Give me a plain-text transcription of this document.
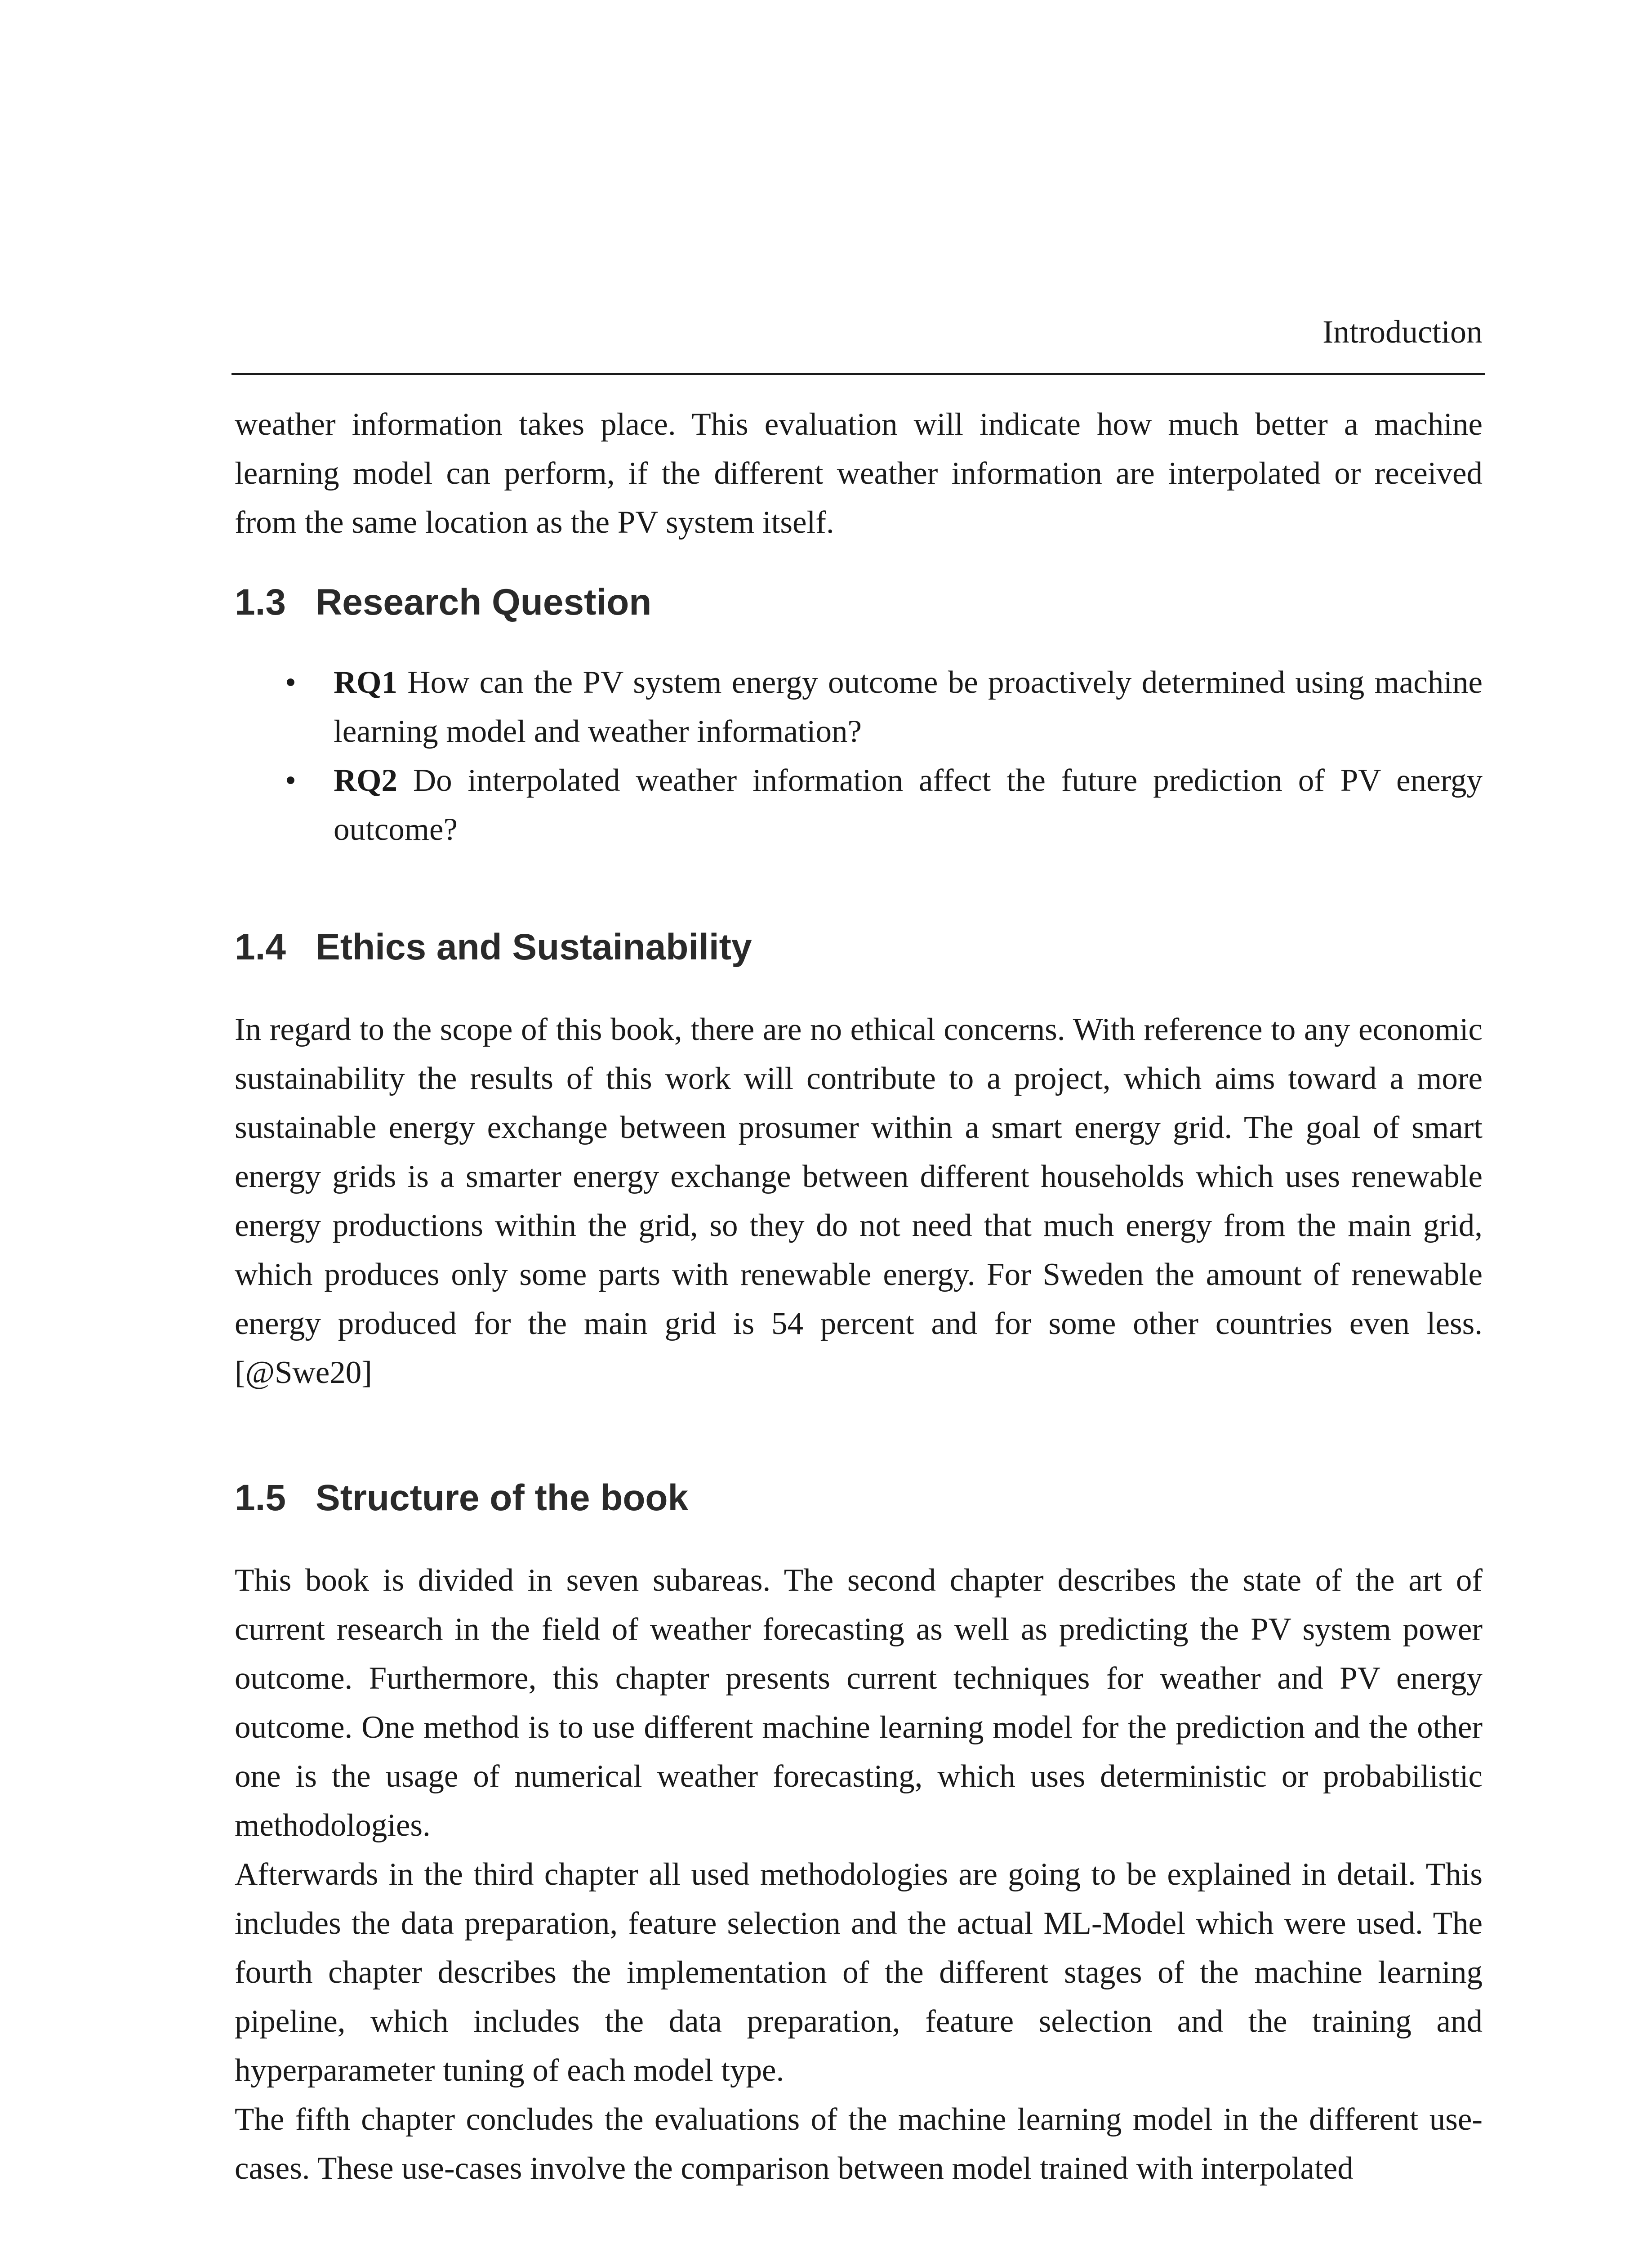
Introduction

weather information takes place. This evaluation will indicate how much better a machine learning model can perform, if the different weather information are interpolated or received from the same location as the PV system itself.

1.3 Research Question
• RQ1 How can the PV system energy outcome be proactively determined using machine learning model and weather information?
• RQ2 Do interpolated weather information affect the future prediction of PV energy outcome?
1.4 Ethics and Sustainability

In regard to the scope of this book, there are no ethical concerns. With reference to any economic sustainability the results of this work will contribute to a project, which aims toward a more sustainable energy exchange between prosumer within a smart energy grid. The goal of smart energy grids is a smarter energy exchange between different households which uses renewable energy productions within the grid, so they do not need that much energy from the main grid, which produces only some parts with renewable energy. For Sweden the amount of renewable energy produced for the main grid is 54 percent and for some other countries even less. [@Swe20]

1.5 Structure of the book

This book is divided in seven subareas. The second chapter describes the state of the art of current research in the field of weather forecasting as well as predicting the PV system power outcome. Furthermore, this chapter presents current techniques for weather and PV energy outcome. One method is to use different machine learning model for the prediction and the other one is the usage of numerical weather forecasting, which uses deterministic or probabilistic methodologies.

Afterwards in the third chapter all used methodologies are going to be explained in detail. This includes the data preparation, feature selection and the actual ML-Model which were used. The fourth chapter describes the implementation of the different stages of the machine learning pipeline, which includes the data preparation, feature selection and the training and hyperparameter tuning of each model type.

The fifth chapter concludes the evaluations of the machine learning model in the different use-cases. These use-cases involve the comparison between model trained with interpolated
